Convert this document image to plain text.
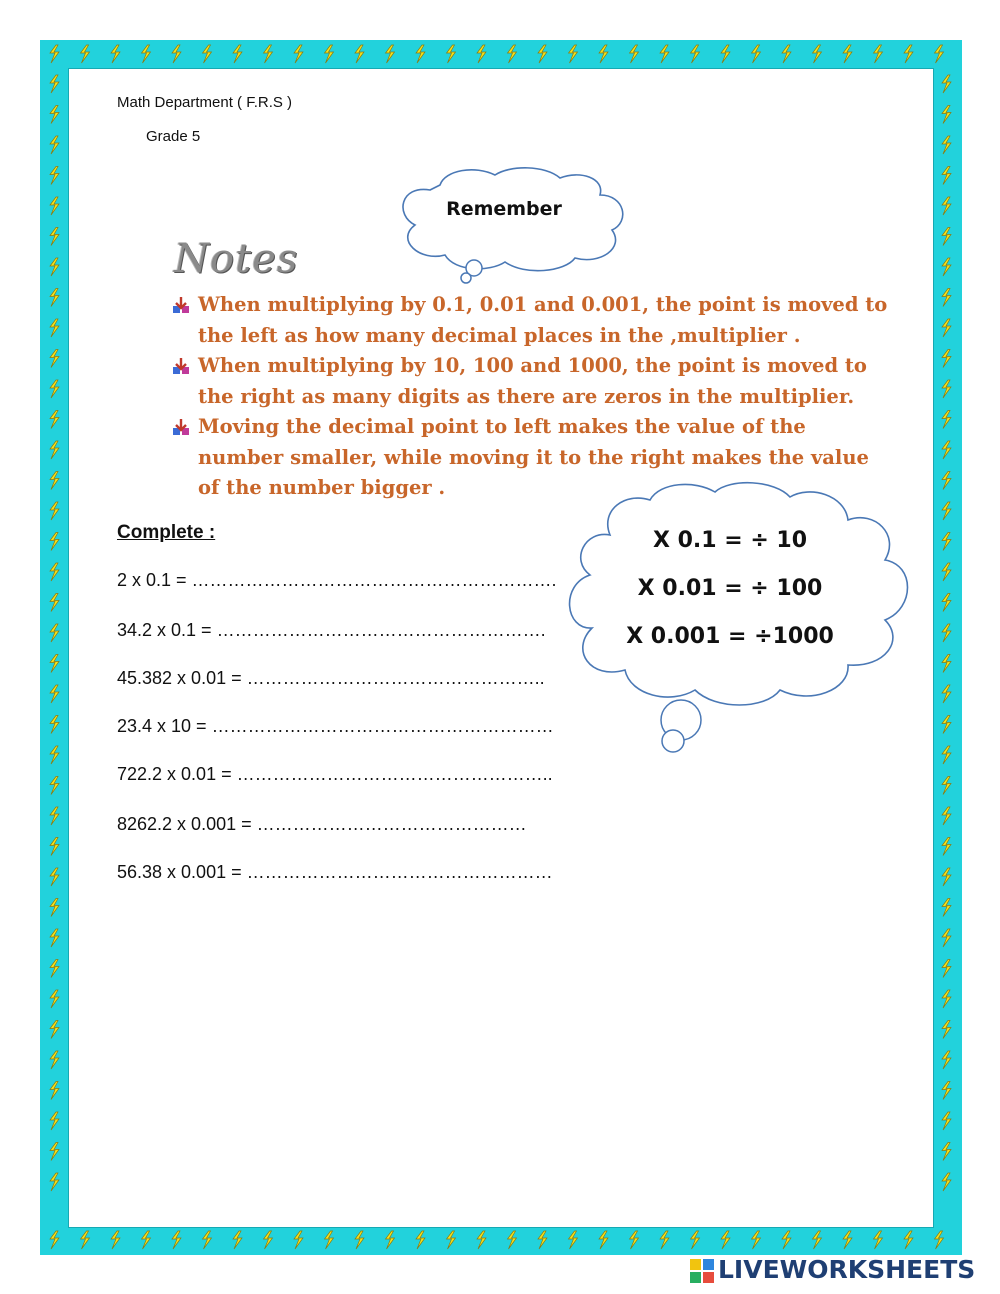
Math Department ( F.R.S )
Grade 5
Remember
Notes
When multiplying by 0.1, 0.01 and 0.001, the point is moved to the left as how many decimal places in the ,multiplier .
When multiplying by 10, 100 and 1000, the point is moved to the right as many digits as there are zeros in the multiplier.
Moving the decimal point to left makes the value of the number smaller, while moving it to the right makes the value of the number bigger .
Complete :
2 x 0.1 = …………………………………………………….
34.2 x 0.1 = ……………………………………………….
45.382 x 0.01 = …………………………………………..
23.4 x 10 = …………………………………………………
722.2 x 0.01 = ……………………………………………..
8262.2 x 0.001 = ………………………………………
56.38 x 0.001 = ……………………………………………
X 0.1 = ÷ 10
X 0.01 = ÷ 100
X 0.001 = ÷1000
LIVEWORKSHEETS
